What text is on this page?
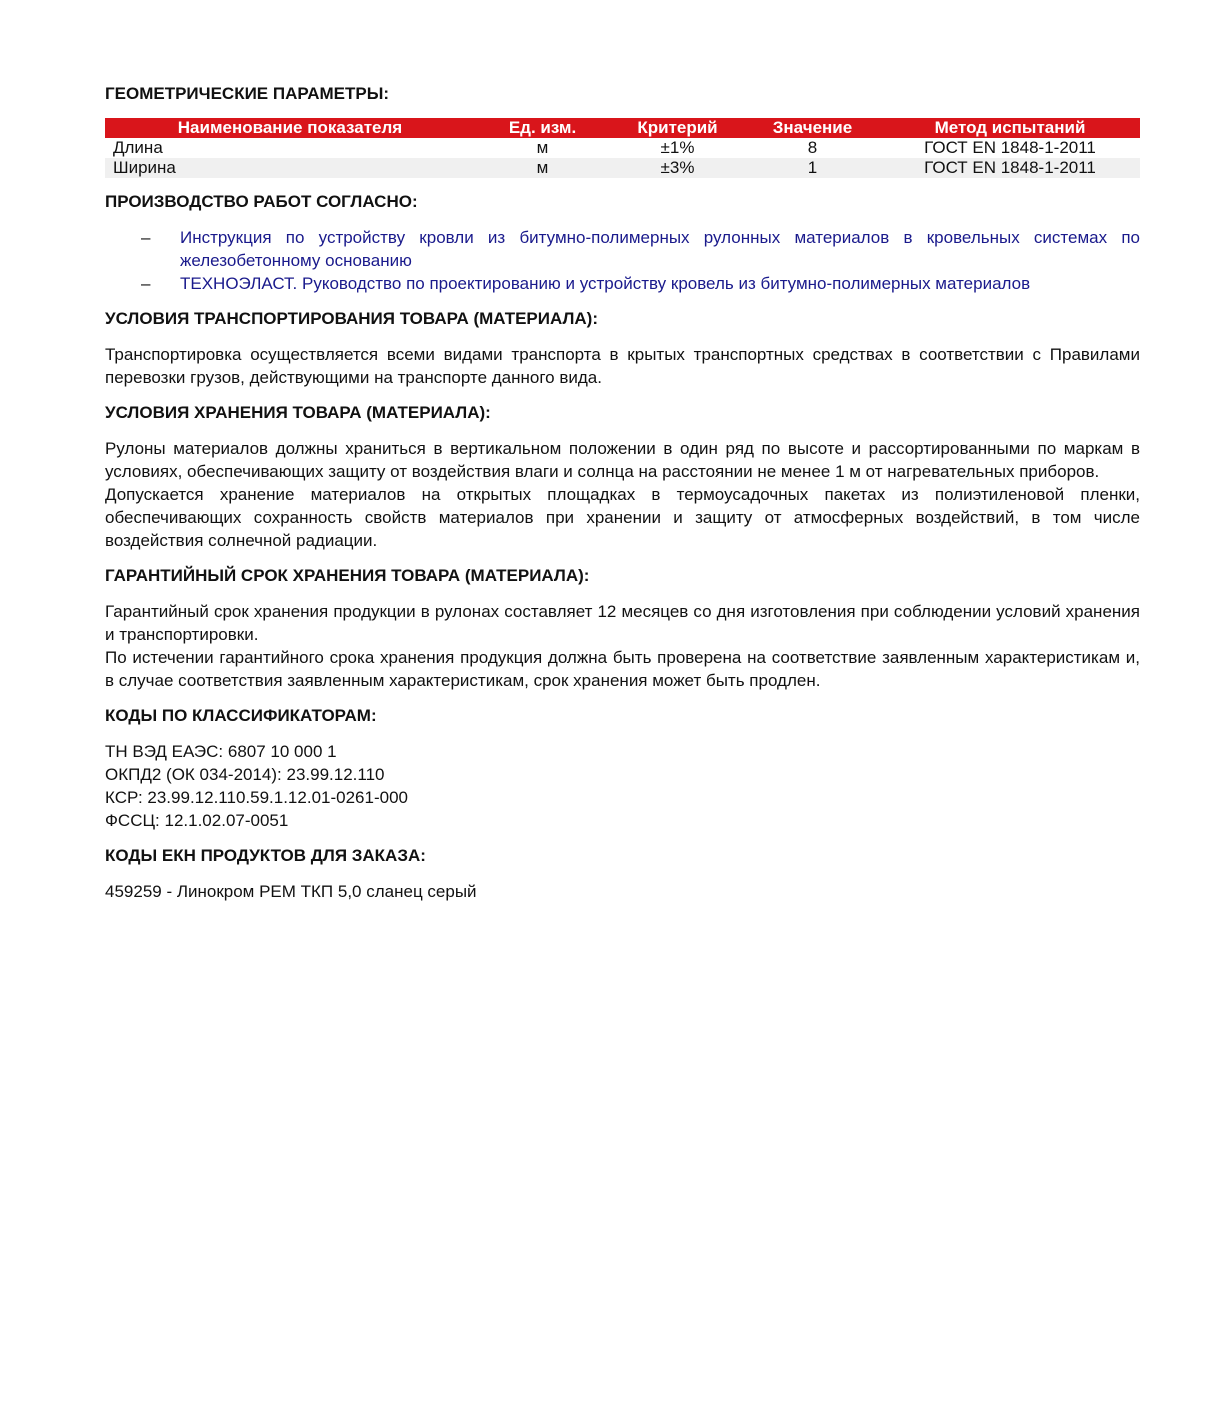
ГЕОМЕТРИЧЕСКИЕ ПАРАМЕТРЫ:
Наименование показателя	Ед. изм.	Критерий	Значение	Метод испытаний
Длина	м	±1%	8	ГОСТ EN 1848-1-2011
Ширина	м	±3%	1	ГОСТ EN 1848-1-2011
ПРОИЗВОДСТВО РАБОТ СОГЛАСНО:
– Инструкция по устройству кровли из битумно-полимерных рулонных материалов в кровельных системах по железобетонному основанию
– ТЕХНОЭЛАСТ. Руководство по проектированию и устройству кровель из битумно-полимерных материалов
УСЛОВИЯ ТРАНСПОРТИРОВАНИЯ ТОВАРА (МАТЕРИАЛА):

Транспортировка осуществляется всеми видами транспорта в крытых транспортных средствах в соответствии с Правилами перевозки грузов, действующими на транспорте данного вида.

УСЛОВИЯ ХРАНЕНИЯ ТОВАРА (МАТЕРИАЛА):

Рулоны материалов должны храниться в вертикальном положении в один ряд по высоте и рассортированными по маркам в условиях, обеспечивающих защиту от воздействия влаги и солнца на расстоянии не менее 1 м от нагревательных приборов.

Допускается хранение материалов на открытых площадках в термоусадочных пакетах из полиэтиленовой пленки, обеспечивающих сохранность свойств материалов при хранении и защиту от атмосферных воздействий, в том числе воздействия солнечной радиации.

ГАРАНТИЙНЫЙ СРОК ХРАНЕНИЯ ТОВАРА (МАТЕРИАЛА):

Гарантийный срок хранения продукции в рулонах составляет 12 месяцев со дня изготовления при соблюдении условий хранения и транспортировки.

По истечении гарантийного срока хранения продукция должна быть проверена на соответствие заявленным характеристикам и, в случае соответствия заявленным характеристикам, срок хранения может быть продлен.

КОДЫ ПО КЛАССИФИКАТОРАМ:
ТН ВЭД ЕАЭС: 6807 10 000 1
ОКПД2 (ОК 034-2014): 23.99.12.110
КСР: 23.99.12.110.59.1.12.01-0261-000
ФССЦ: 12.1.02.07-0051
КОДЫ ЕКН ПРОДУКТОВ ДЛЯ ЗАКАЗА:
459259 - Линокром РЕМ ТКП 5,0 сланец серый
